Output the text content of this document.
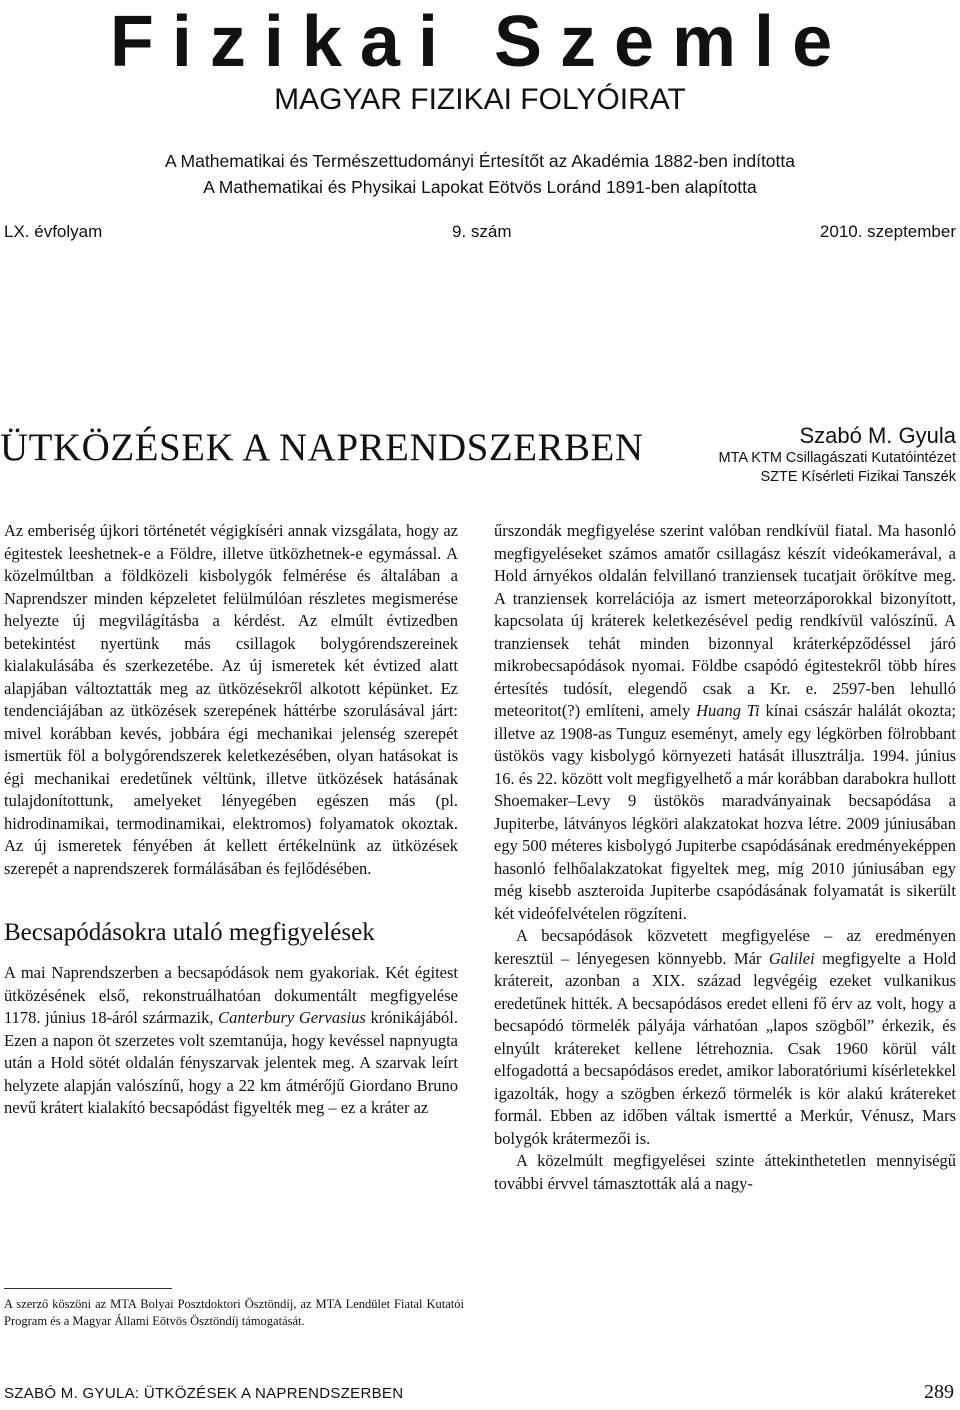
Fizikai Szemle
MAGYAR FIZIKAI FOLYÓIRAT
A Mathematikai és Természettudományi Értesítőt az Akadémia 1882-ben indította
A Mathematikai és Physikai Lapokat Eötvös Loránd 1891-ben alapította
LX. évfolyam	9. szám	2010. szeptember
ÜTKÖZÉSEK A NAPRENDSZERBEN	Szabó M. Gyula
MTA KTM Csillagászati Kutatóintézet
SZTE Kísérleti Fizikai Tanszék

Az emberiség újkori történetét végigkíséri annak vizsgálata, hogy az égitestek leeshetnek-e a Földre, illetve ütközhetnek-e egymással. A közelmúltban a földközeli kisbolygók felmérése és általában a Naprendszer minden képzeletet felülmúlóan részletes megismerése helyezte új megvilágításba a kérdést. Az elmúlt évtizedben betekintést nyertünk más csillagok bolygórendszereinek kialakulásába és szerkezetébe. Az új ismeretek két évtized alatt alapjában változtatták meg az ütközésekről alkotott képünket. Ez tendenciájában az ütközések szerepének háttérbe szorulásával járt: mivel korábban kevés, jobbára égi mechanikai jelenség szerepét ismertük föl a bolygórendszerek keletkezésében, olyan hatásokat is égi mechanikai eredetűnek véltünk, illetve ütközések hatásának tulajdonítottunk, amelyeket lényegében egészen más (pl. hidrodinamikai, termodinamikai, elektromos) folyamatok okoztak. Az új ismeretek fényében át kellett értékelnünk az ütközések szerepét a naprendszerek formálásában és fejlődésében.

Becsapódásokra utaló megfigyelések

A mai Naprendszerben a becsapódások nem gyakoriak. Két égitest ütközésének első, rekonstruálhatóan dokumentált megfigyelése 1178. június 18-áról származik, Canterbury Gervasius krónikájából. Ezen a napon öt szerzetes volt szemtanúja, hogy kevéssel napnyugta után a Hold sötét oldalán fényszarvak jelentek meg. A szarvak leírt helyzete alapján valószínű, hogy a 22 km átmérőjű Giordano Bruno nevű krátert kialakító becsapódást figyelték meg – ez a kráter az

űrszondák megfigyelése szerint valóban rendkívül fiatal. Ma hasonló megfigyeléseket számos amatőr csillagász készít videókamerával, a Hold árnyékos oldalán felvillanó tranziensek tucatjait örökítve meg. A tranziensek korrelációja az ismert meteorzáporokkal bizonyított, kapcsolata új kráterek keletkezésével pedig rendkívül valószínű. A tranziensek tehát minden bizonnyal kráterképződéssel járó mikrobecsapódások nyomai. Földbe csapódó égitestekről több híres értesítés tudósít, elegendő csak a Kr. e. 2597-ben lehulló meteoritot(?) említeni, amely Huang Ti kínai császár halálát okozta; illetve az 1908-as Tunguz eseményt, amely egy légkörben fölrobbant üstökös vagy kisbolygó környezeti hatását illusztrálja. 1994. június 16. és 22. között volt megfigyelhető a már korábban darabokra hullott Shoemaker–Levy 9 üstökös maradványainak becsapódása a Jupiterbe, látványos légköri alakzatokat hozva létre. 2009 júniusában egy 500 méteres kisbolygó Jupiterbe csapódásának eredményeképpen hasonló felhőalakzatokat figyeltek meg, míg 2010 júniusában egy még kisebb aszteroida Jupiterbe csapódásának folyamatát is sikerült két videófelvételen rögzíteni.

A becsapódások közvetett megfigyelése – az eredményen keresztül – lényegesen könnyebb. Már Galilei megfigyelte a Hold krátereit, azonban a XIX. század legvégéig ezeket vulkanikus eredetűnek hitték. A becsapódásos eredet elleni fő érv az volt, hogy a becsapódó törmelék pályája várhatóan „lapos szögből” érkezik, és elnyúlt krátereket kellene létrehoznia. Csak 1960 körül vált elfogadottá a becsapódásos eredet, amikor laboratóriumi kísérletekkel igazolták, hogy a szögben érkező törmelék is kör alakú krátereket formál. Ebben az időben váltak ismertté a Merkúr, Vénusz, Mars bolygók krátermezői is.

A közelmúlt megfigyelései szinte áttekinthetetlen mennyiségű további érvvel támasztották alá a nagy-

A szerző köszöni az MTA Bolyai Posztdoktori Ösztöndíj, az MTA Lendület Fiatal Kutatói Program és a Magyar Állami Eötvös Ösztöndíj támogatását.
SZABÓ M. GYULA: ÜTKÖZÉSEK A NAPRENDSZERBEN	289
